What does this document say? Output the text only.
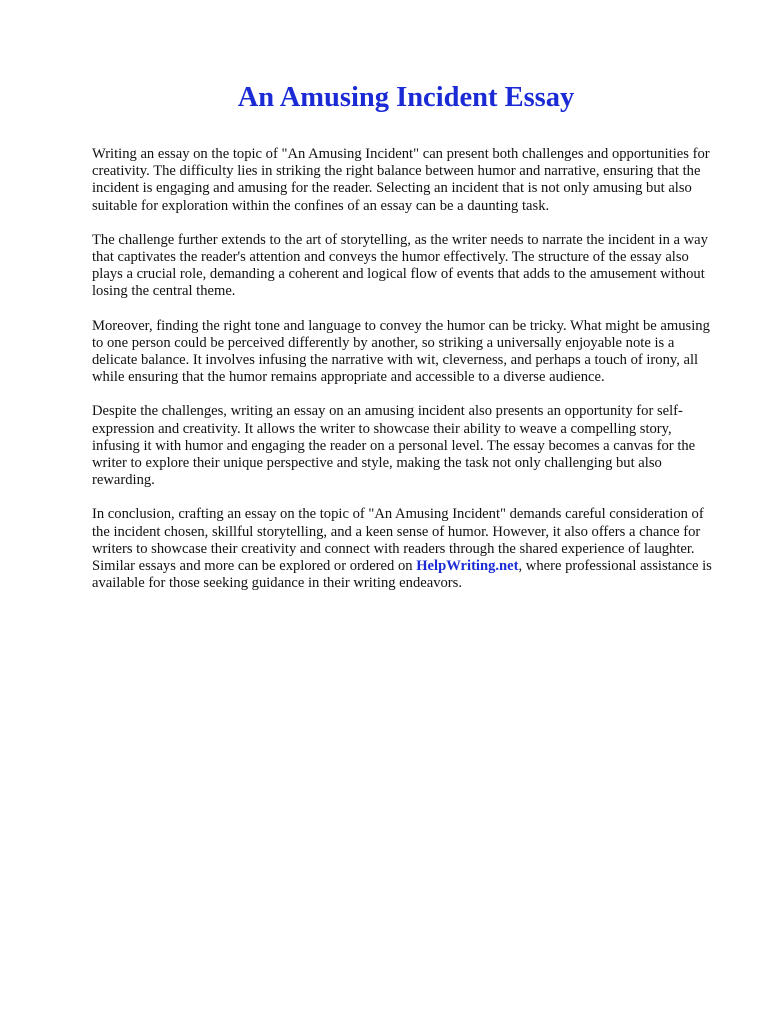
An Amusing Incident Essay

Writing an essay on the topic of "An Amusing Incident" can present both challenges and opportunities for creativity. The difficulty lies in striking the right balance between humor and narrative, ensuring that the incident is engaging and amusing for the reader. Selecting an incident that is not only amusing but also suitable for exploration within the confines of an essay can be a daunting task.

The challenge further extends to the art of storytelling, as the writer needs to narrate the incident in a way that captivates the reader's attention and conveys the humor effectively. The structure of the essay also plays a crucial role, demanding a coherent and logical flow of events that adds to the amusement without losing the central theme.

Moreover, finding the right tone and language to convey the humor can be tricky. What might be amusing to one person could be perceived differently by another, so striking a universally enjoyable note is a delicate balance. It involves infusing the narrative with wit, cleverness, and perhaps a touch of irony, all while ensuring that the humor remains appropriate and accessible to a diverse audience.

Despite the challenges, writing an essay on an amusing incident also presents an opportunity for self-expression and creativity. It allows the writer to showcase their ability to weave a compelling story, infusing it with humor and engaging the reader on a personal level. The essay becomes a canvas for the writer to explore their unique perspective and style, making the task not only challenging but also rewarding.

In conclusion, crafting an essay on the topic of "An Amusing Incident" demands careful consideration of the incident chosen, skillful storytelling, and a keen sense of humor. However, it also offers a chance for writers to showcase their creativity and connect with readers through the shared experience of laughter. Similar essays and more can be explored or ordered on HelpWriting.net, where professional assistance is available for those seeking guidance in their writing endeavors.
